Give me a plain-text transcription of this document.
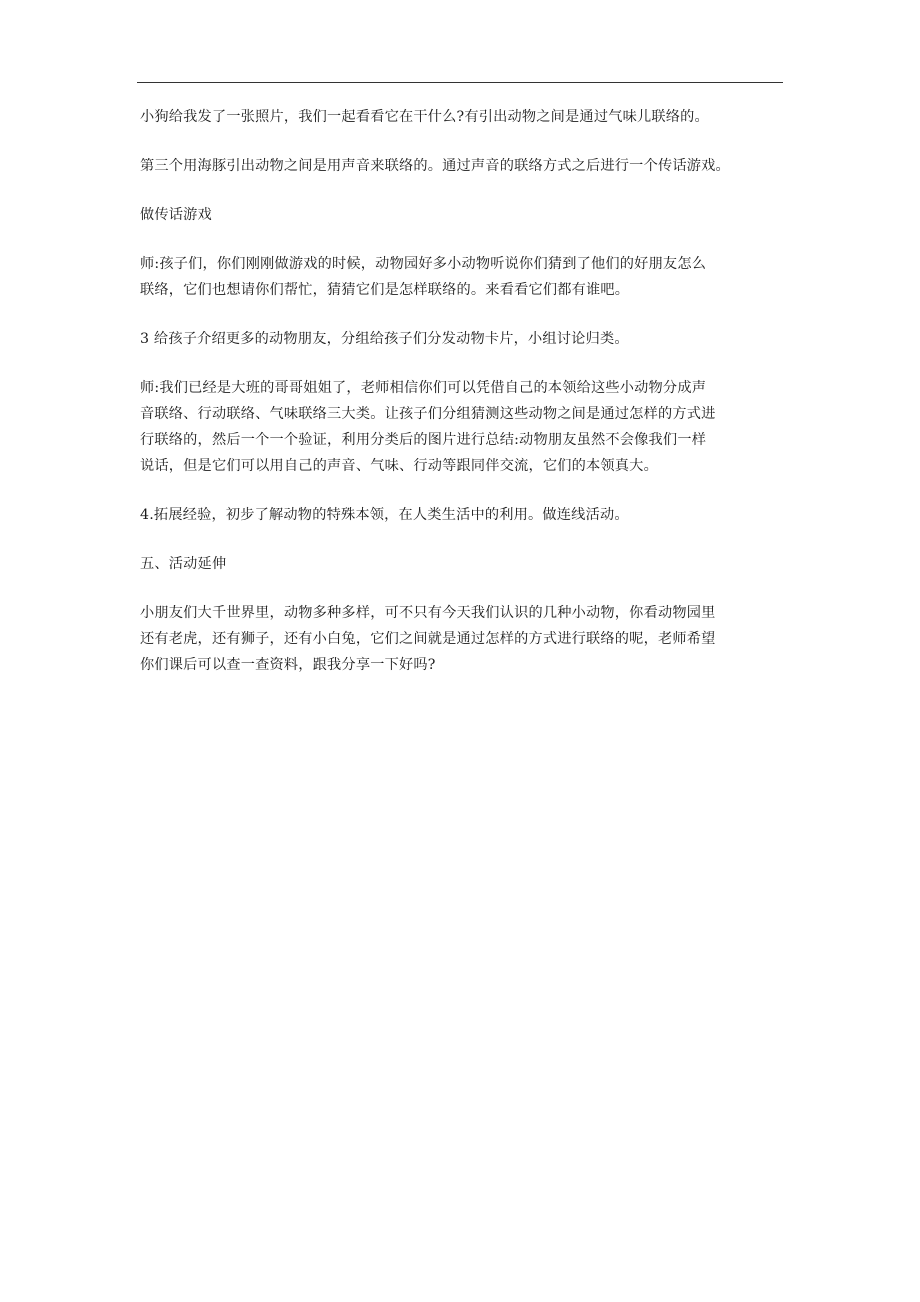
小狗给我发了一张照片，我们一起看看它在干什么?有引出动物之间是通过气味儿联络的。

第三个用海豚引出动物之间是用声音来联络的。通过声音的联络方式之后进行一个传话游戏。

做传话游戏

师:孩子们，你们刚刚做游戏的时候，动物园好多小动物听说你们猜到了他们的好朋友怎么
联络，它们也想请你们帮忙，猜猜它们是怎样联络的。来看看它们都有谁吧。

3 给孩子介绍更多的动物朋友，分组给孩子们分发动物卡片，小组讨论归类。

师:我们已经是大班的哥哥姐姐了，老师相信你们可以凭借自己的本领给这些小动物分成声
音联络、行动联络、气味联络三大类。让孩子们分组猜测这些动物之间是通过怎样的方式进
行联络的，然后一个一个验证，利用分类后的图片进行总结:动物朋友虽然不会像我们一样
说话，但是它们可以用自己的声音、气味、行动等跟同伴交流，它们的本领真大。

4.拓展经验，初步了解动物的特殊本领，在人类生活中的利用。做连线活动。

五、活动延伸

小朋友们大千世界里，动物多种多样，可不只有今天我们认识的几种小动物，你看动物园里
还有老虎，还有狮子，还有小白兔，它们之间就是通过怎样的方式进行联络的呢，老师希望
你们课后可以查一查资料，跟我分享一下好吗?
